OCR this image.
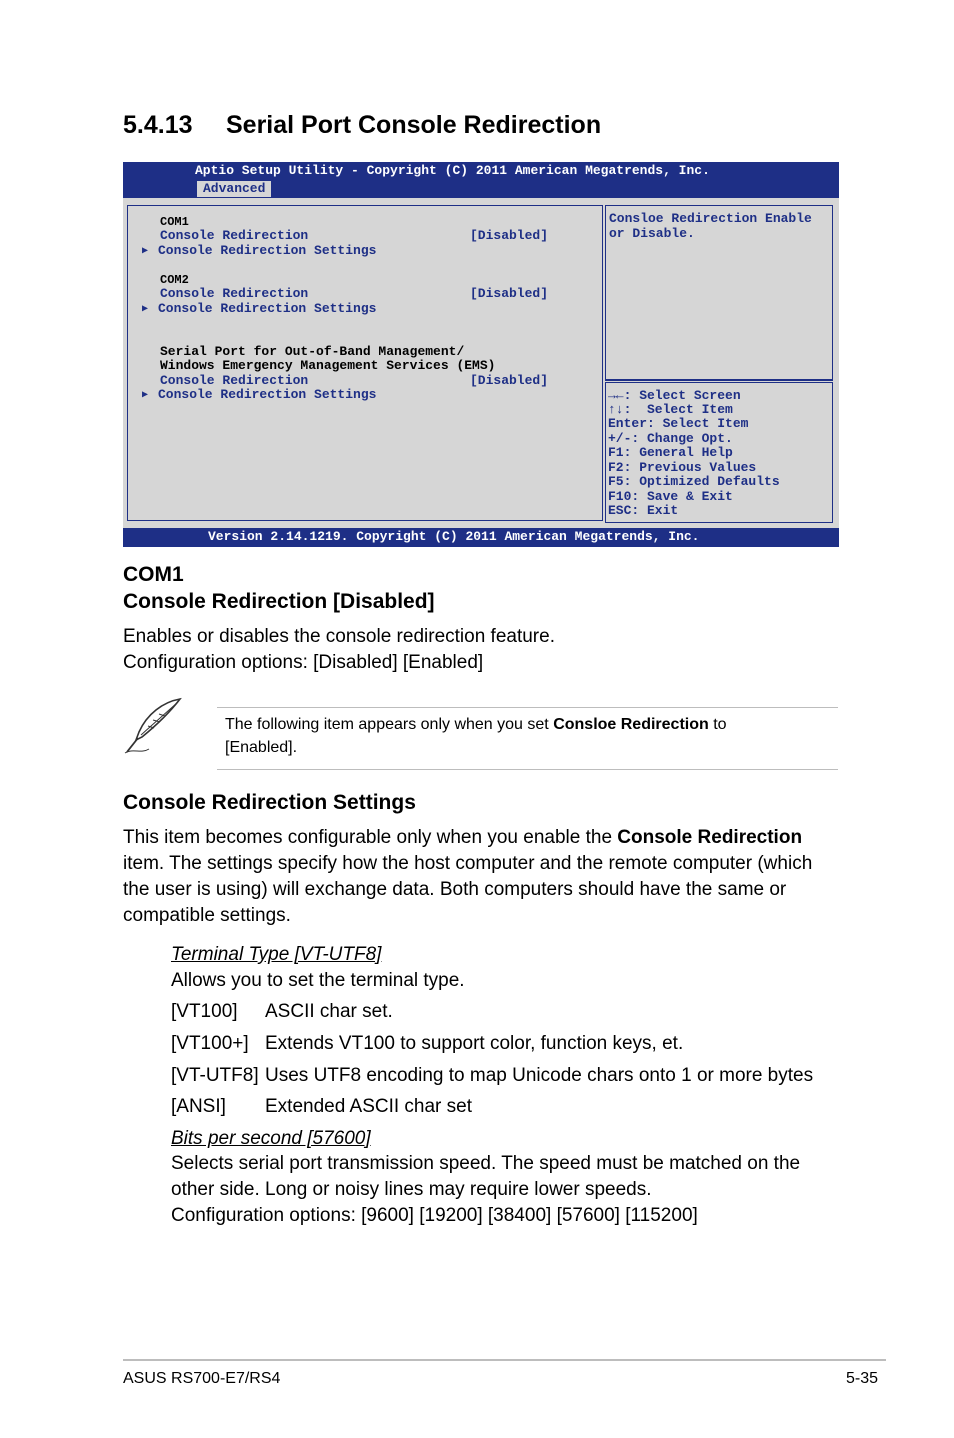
5.4.13 Serial Port Console Redirection
Aptio Setup Utility - Copyright (C) 2011 American Megatrends, Inc.
Advanced
COM1
Console Redirection	[Disabled]
▶ Console Redirection Settings
COM2
Console Redirection	[Disabled]
▶ Console Redirection Settings
Serial Port for Out-of-Band Management/
Windows Emergency Management Services (EMS)
Console Redirection	[Disabled]
▶ Console Redirection Settings
Consloe Redirection Enable
or Disable.
→←: Select Screen
↑↓:  Select Item
Enter: Select Item
+/-: Change Opt.
F1: General Help
F2: Previous Values
F5: Optimized Defaults
F10: Save & Exit
ESC: Exit
Version 2.14.1219. Copyright (C) 2011 American Megatrends, Inc.
COM1
Console Redirection [Disabled]
Enables or disables the console redirection feature.
Configuration options: [Disabled] [Enabled]
The following item appears only when you set Consloe Redirection to
[Enabled].
Console Redirection Settings
This item becomes configurable only when you enable the Console Redirection
item. The settings specify how the host computer and the remote computer (which
the user is using) will exchange data. Both computers should have the same or
compatible settings.
Terminal Type [VT-UTF8]
Allows you to set the terminal type.
[VT100] ASCII char set.
[VT100+] Extends VT100 to support color, function keys, et.
[VT-UTF8] Uses UTF8 encoding to map Unicode chars onto 1 or more bytes
[ANSI] Extended ASCII char set
Bits per second [57600]
Selects serial port transmission speed. The speed must be matched on the
other side. Long or noisy lines may require lower speeds.
Configuration options: [9600] [19200] [38400] [57600] [115200]
ASUS RS700-E7/RS4	5-35
